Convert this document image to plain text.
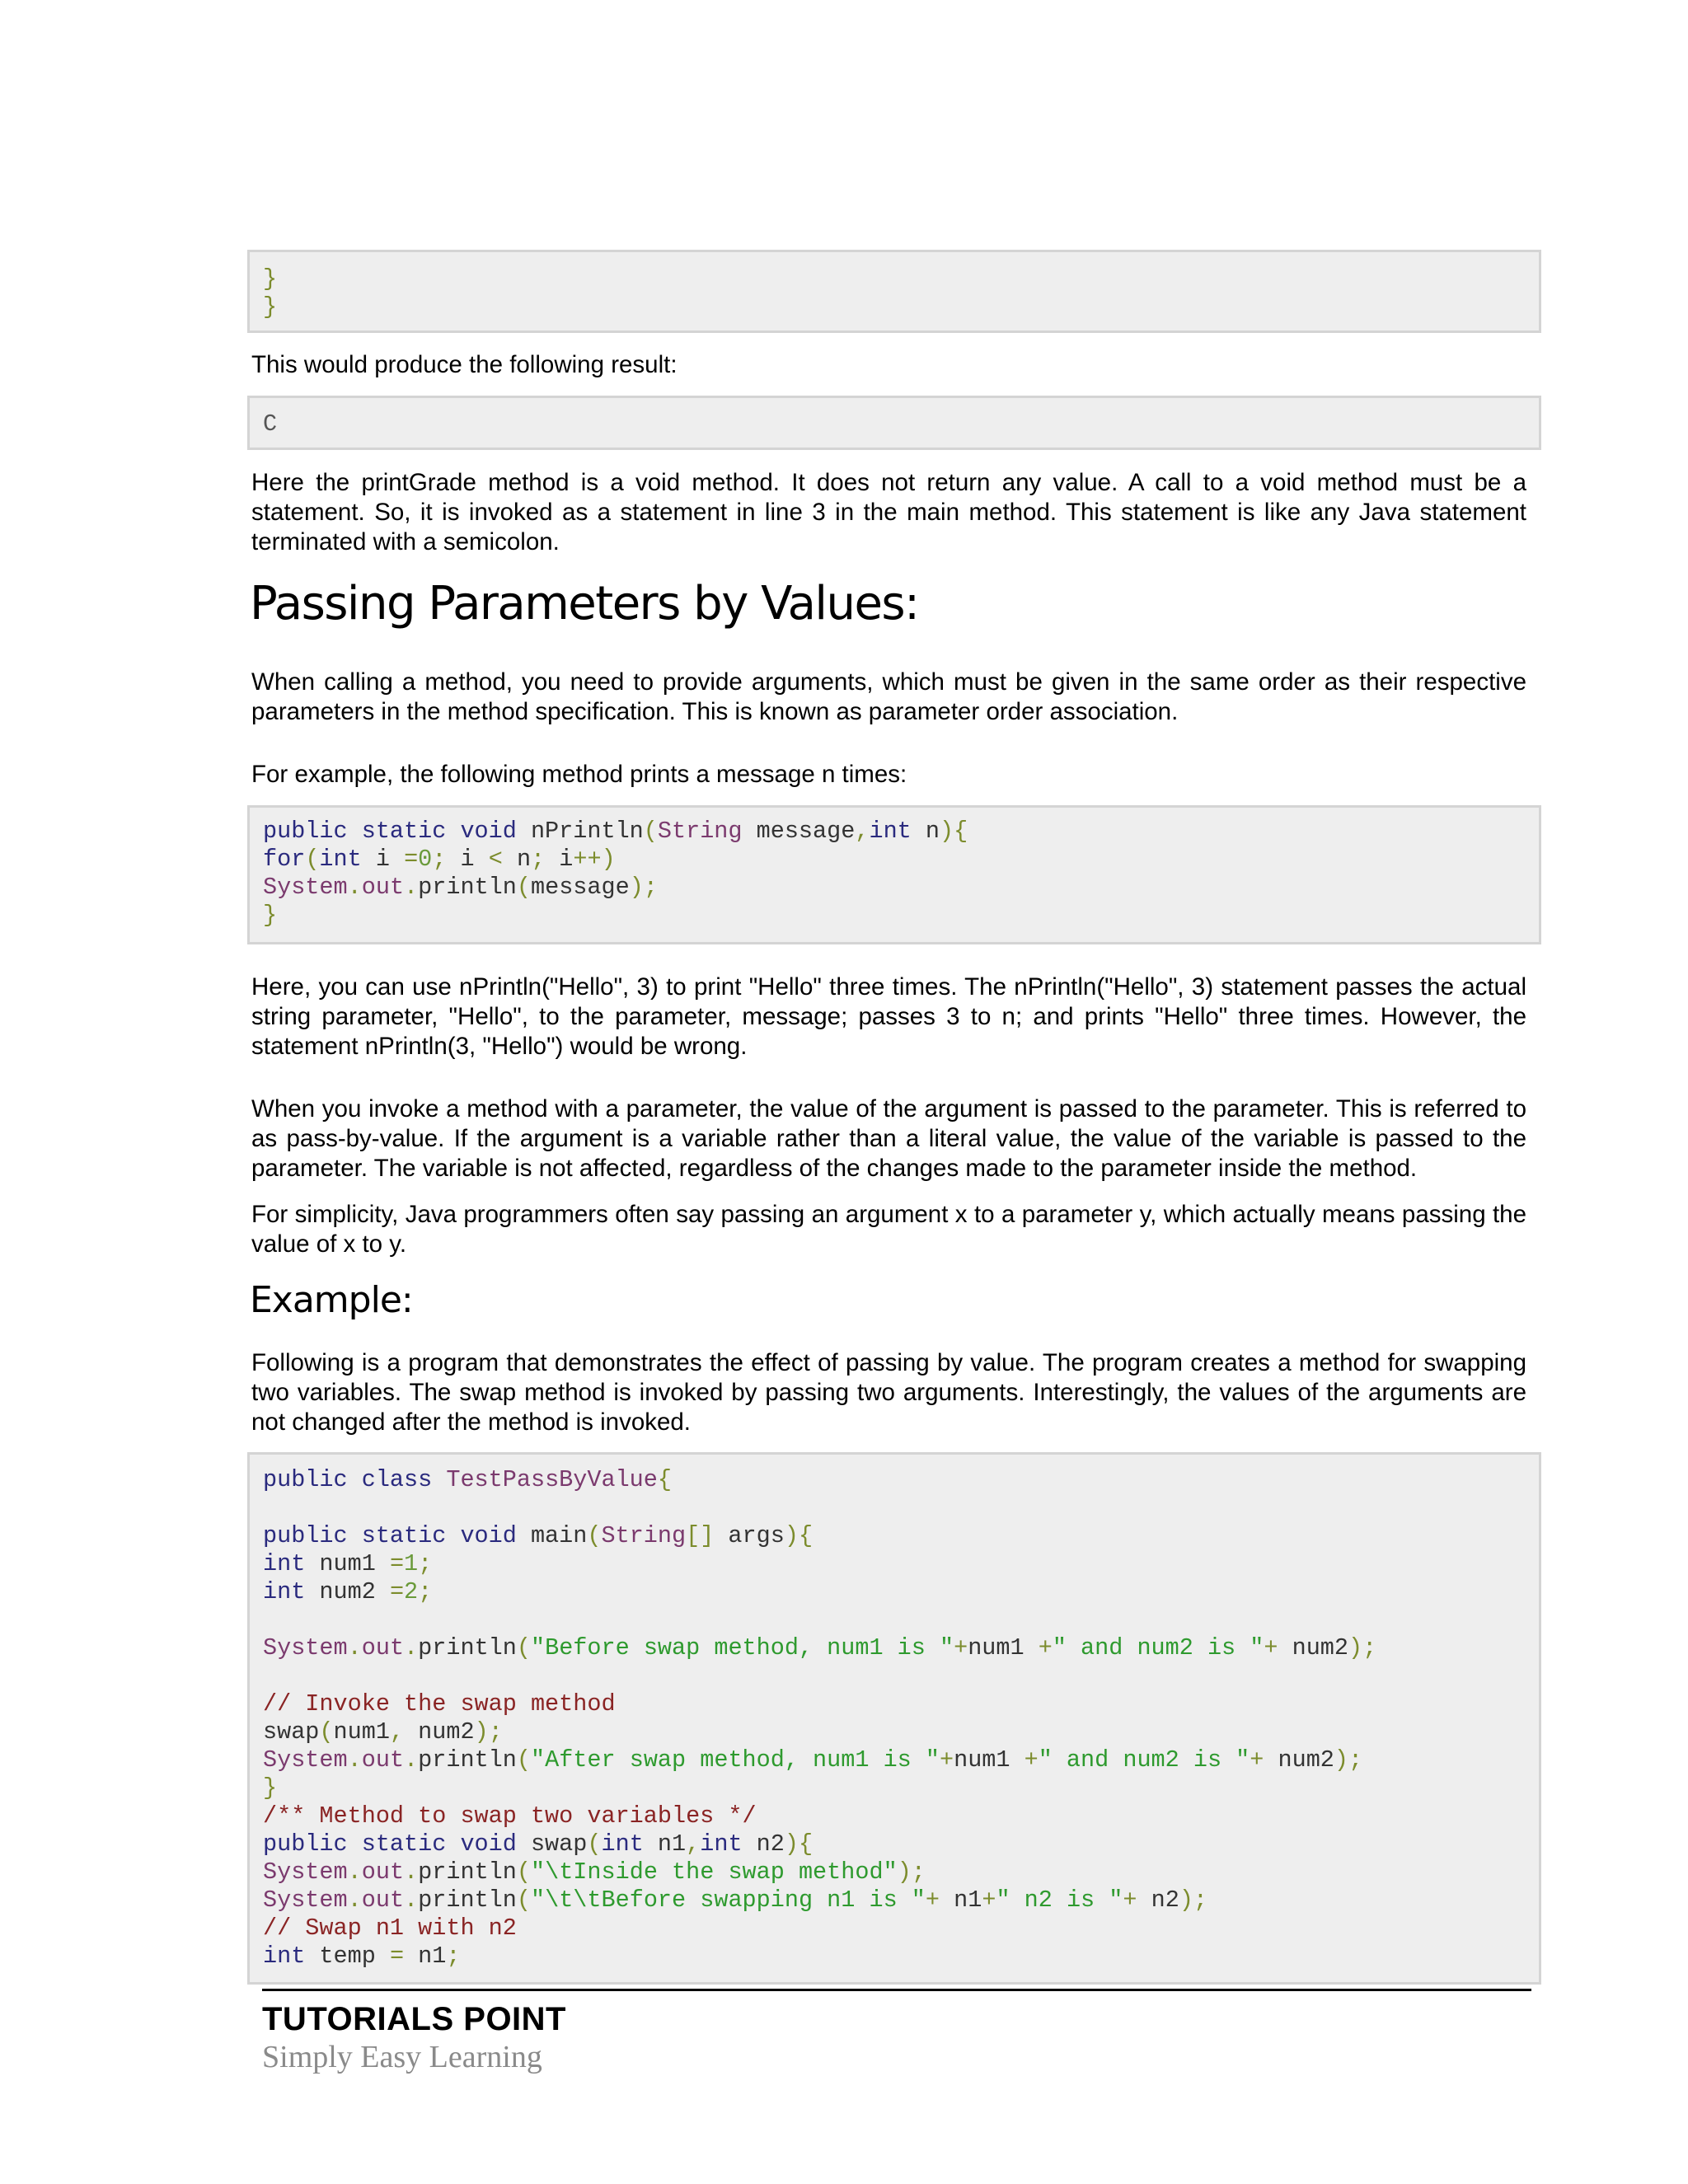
}
}

This would produce the following result:

C

Here the printGrade method is a void method. It does not return any value. A call to a void method must be a statement. So, it is invoked as a statement in line 3 in the main method. This statement is like any Java statement terminated with a semicolon.

Passing Parameters by Values:

When calling a method, you need to provide arguments, which must be given in the same order as their respective parameters in the method specification. This is known as parameter order association.

For example, the following method prints a message n times:

public static void nPrintln(String message,int n){
for(int i =0; i < n; i++)
System.out.println(message);
}

Here, you can use nPrintln("Hello", 3) to print "Hello" three times. The nPrintln("Hello", 3) statement passes the actual string parameter, "Hello", to the parameter, message; passes 3 to n; and prints "Hello" three times. However, the statement nPrintln(3, "Hello") would be wrong.

When you invoke a method with a parameter, the value of the argument is passed to the parameter. This is referred to as pass-by-value. If the argument is a variable rather than a literal value, the value of the variable is passed to the parameter. The variable is not affected, regardless of the changes made to the parameter inside the method.

For simplicity, Java programmers often say passing an argument x to a parameter y, which actually means passing the value of x to y.

Example:

Following is a program that demonstrates the effect of passing by value. The program creates a method for swapping two variables. The swap method is invoked by passing two arguments. Interestingly, the values of the arguments are not changed after the method is invoked.

public class TestPassByValue{

public static void main(String[] args){
int num1 =1;
int num2 =2;

System.out.println("Before swap method, num1 is "+num1 +" and num2 is "+ num2);

// Invoke the swap method
swap(num1, num2);
System.out.println("After swap method, num1 is "+num1 +" and num2 is "+ num2);
}
/** Method to swap two variables */
public static void swap(int n1,int n2){
System.out.println("\tInside the swap method");
System.out.println("\t\tBefore swapping n1 is "+ n1+" n2 is "+ n2);
// Swap n1 with n2
int temp = n1;
TUTORIALS POINT
Simply Easy Learning
